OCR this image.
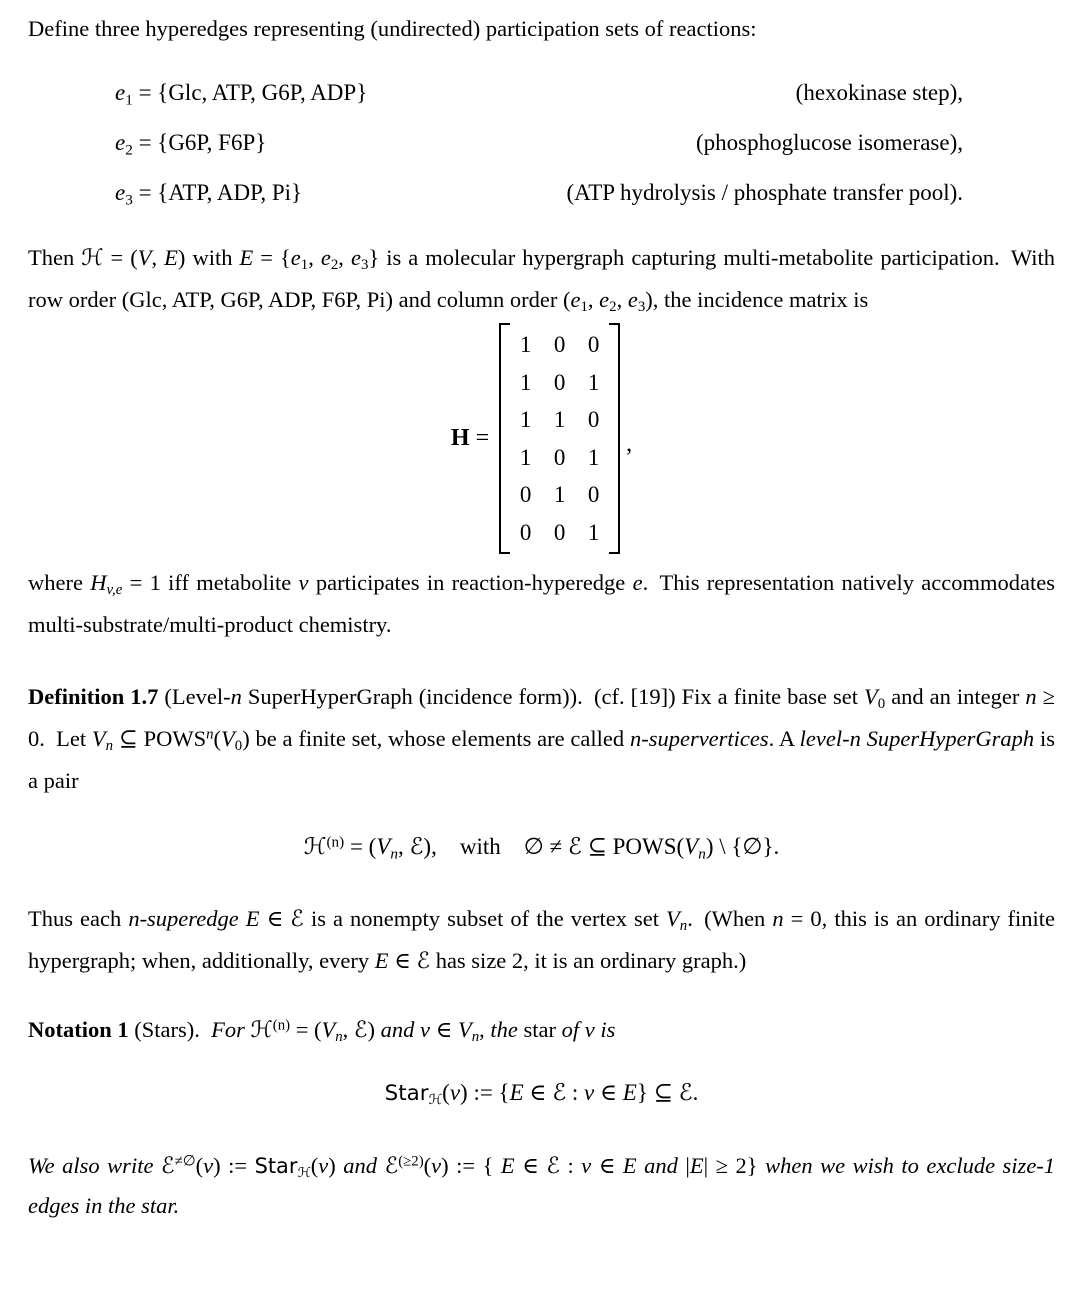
Define three hyperedges representing (undirected) participation sets of reactions:

$e_1 = \{Glc$, ATP, G6P, ADP}	(hexokinase step),
$e_2 = \{G6P$, F6P}	(phosphoglucose isomerase),
$e_3 = \{ATP$, ADP, Pi}	(ATP hydrolysis / phosphate transfer pool).

Then ℋ = (V, E) with $E = \{e_1$, $e_2$, $e_3$} is a molecular hypergraph capturing multi-metabolite participation. With row order (Glc, ATP, G6P, ADP, F6P, Pi) and column order ($e_1$, $e_2$, $e_3$), the incidence matrix is

H =
1 0 0
1 0 1
1 1 0
1 0 1
0 1 0
0 0 1
,

where $H_{v,e} = 1$ iff metabolite v participates in reaction-hyperedge e. This representation natively accommodates multi-substrate/multi-product chemistry.

Definition 1.7 (Level-n SuperHyperGraph (incidence form)). (cf. [19]) Fix a finite base set $V_0$ and an integer n ≥ 0. Let $V_n$ ⊆ $POWS^n(V_0)$ be a finite set, whose elements are called n-supervertices. A level-n SuperHyperGraph is a pair

ℋ$^{(n)}$ = ($V_n$, ℰ), with ∅ ≠ ℰ ⊆ $POWS(V_n)$ \ {∅}.

Thus each n-superedge E ∈ ℰ is a nonempty subset of the vertex set $V_n$. (When n = 0, this is an ordinary finite hypergraph; when, additionally, every E ∈ ℰ has size 2, it is an ordinary graph.)

Notation 1 (Stars). For ℋ$^{(n)}$ = ($V_n$, ℰ) and v ∈ $V_n$, the star of v is

Star$_ℋ$(v) := {E ∈ ℰ : v ∈ E} ⊆ ℰ.

We also write ℰ≠∅(v) := Star$_ℋ$(v) and ℰ$^{(\ge 2)}$(v) := { E ∈ ℰ : v ∈ E and |E| ≥ 2} when we wish to exclude size-1 edges in the star.
